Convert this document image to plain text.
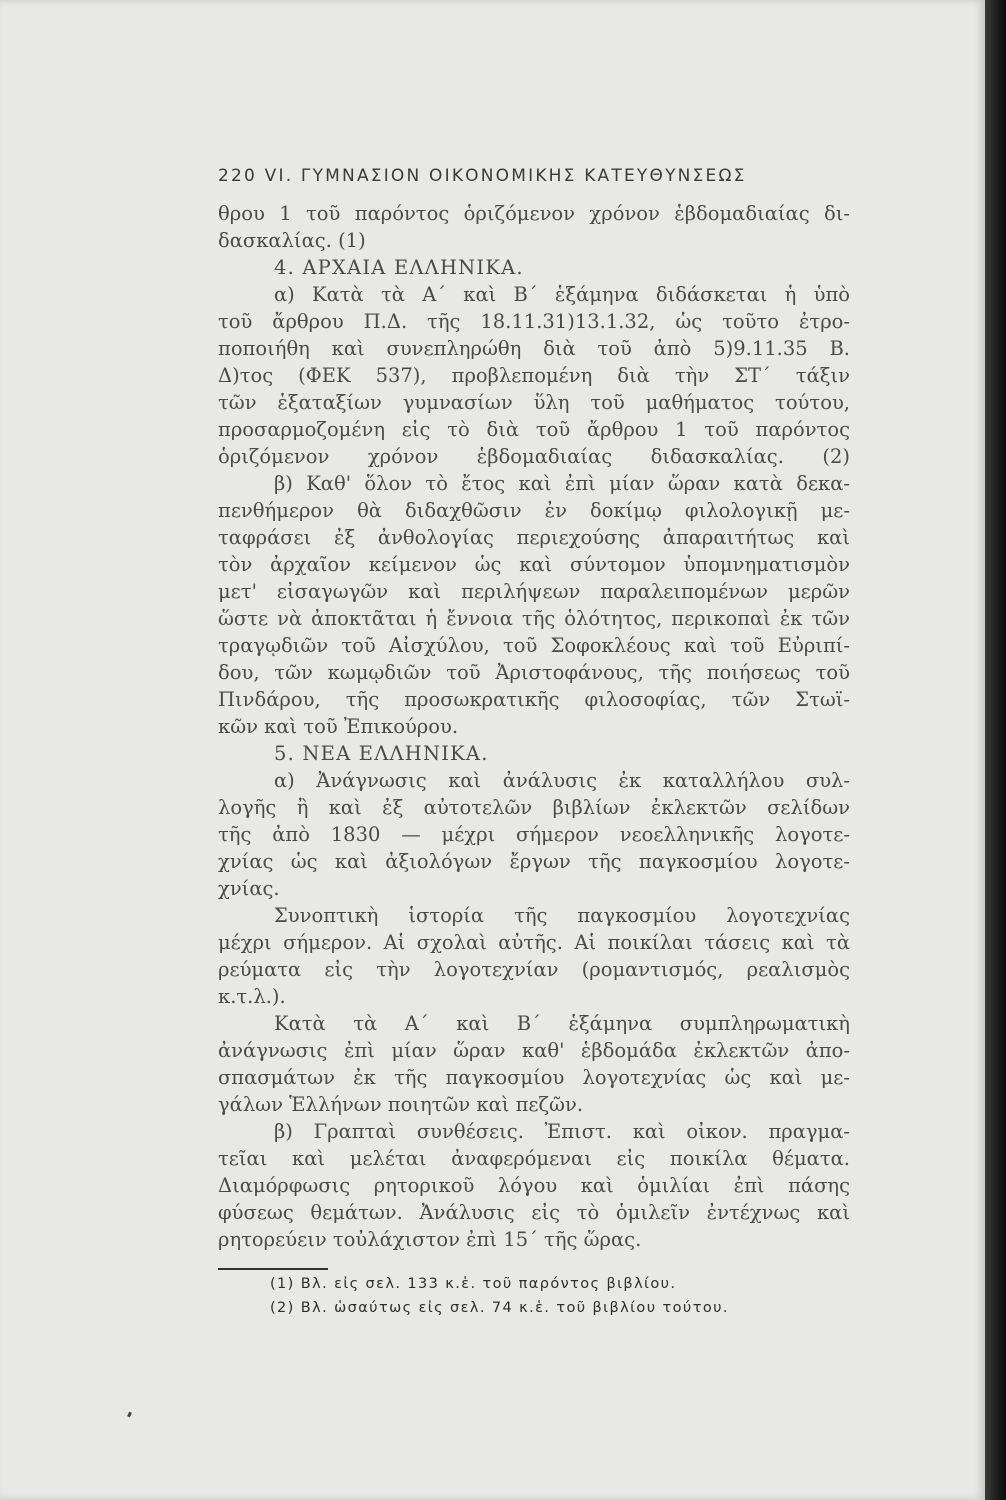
220 VI. ΓΥΜΝΑΣΙΟΝ ΟΙΚΟΝΟΜΙΚΗΣ ΚΑΤΕΥΘΥΝΣΕΩΣ
θρου 1 τοῦ παρόντος ὁριζόμενον χρόνον ἑβδομαδιαίας δι-
δασκαλίας. (1)
4. ΑΡΧΑΙΑ ΕΛΛΗΝΙΚΑ.
α) Κατὰ τὰ Α΄ καὶ Β΄ ἑξάμηνα διδάσκεται ἡ ὑπὸ
τοῦ ἄρθρου Π.Δ. τῆς 18.11.31)13.1.32, ὡς τοῦτο ἐτρο-
ποποιήθη καὶ συνεπληρώθη διὰ τοῦ ἀπὸ 5)9.11.35 Β.
Δ)τος (ΦΕΚ 537), προβλεπομένη διὰ τὴν ΣΤ΄ τάξιν
τῶν ἑξαταξίων γυμνασίων ὕλη τοῦ μαθήματος τούτου,
προσαρμοζομένη εἰς τὸ διὰ τοῦ ἄρθρου 1 τοῦ παρόντος
ὁριζόμενον χρόνον ἑβδομαδιαίας διδασκαλίας. (2)
β) Καθ' ὅλον τὸ ἔτος καὶ ἐπὶ μίαν ὥραν κατὰ δεκα-
πενθήμερον θὰ διδαχθῶσιν ἐν δοκίμῳ φιλολογικῇ με-
ταφράσει ἐξ ἀνθολογίας περιεχούσης ἀπαραιτήτως καὶ
τὸν ἀρχαῖον κείμενον ὡς καὶ σύντομον ὑπομνηματισμὸν
μετ' εἰσαγωγῶν καὶ περιλήψεων παραλειπομένων μερῶν
ὥστε νὰ ἀποκτᾶται ἡ ἔννοια τῆς ὁλότητος, περικοπαὶ ἐκ τῶν
τραγῳδιῶν τοῦ Αἰσχύλου, τοῦ Σοφοκλέους καὶ τοῦ Εὐριπί-
δου, τῶν κωμῳδιῶν τοῦ Ἀριστοφάνους, τῆς ποιήσεως τοῦ
Πινδάρου, τῆς προσωκρατικῆς φιλοσοφίας, τῶν Στωϊ-
κῶν καὶ τοῦ Ἐπικούρου.
5. ΝΕΑ ΕΛΛΗΝΙΚΑ.
α) Ἀνάγνωσις καὶ ἀνάλυσις ἐκ καταλλήλου συλ-
λογῆς ἢ καὶ ἐξ αὐτοτελῶν βιβλίων ἐκλεκτῶν σελίδων
τῆς ἀπὸ 1830 — μέχρι σήμερον νεοελληνικῆς λογοτε-
χνίας ὡς καὶ ἀξιολόγων ἔργων τῆς παγκοσμίου λογοτε-
χνίας.
Συνοπτικὴ ἱστορία τῆς παγκοσμίου λογοτεχνίας
μέχρι σήμερον. Αἱ σχολαὶ αὐτῆς. Αἱ ποικίλαι τάσεις καὶ τὰ
ρεύματα εἰς τὴν λογοτεχνίαν (ρομαντισμός, ρεαλισμὸς
κ.τ.λ.).
Κατὰ τὰ Α΄ καὶ Β΄ ἑξάμηνα συμπληρωματικὴ
ἀνάγνωσις ἐπὶ μίαν ὥραν καθ' ἑβδομάδα ἐκλεκτῶν ἀπο-
σπασμάτων ἐκ τῆς παγκοσμίου λογοτεχνίας ὡς καὶ με-
γάλων Ἑλλήνων ποιητῶν καὶ πεζῶν.
β) Γραπταὶ συνθέσεις. Ἐπιστ. καὶ οἰκον. πραγμα-
τεῖαι καὶ μελέται ἀναφερόμεναι εἰς ποικίλα θέματα.
Διαμόρφωσις ρητορικοῦ λόγου καὶ ὁμιλίαι ἐπὶ πάσης
φύσεως θεμάτων. Ἀνάλυσις εἰς τὸ ὁμιλεῖν ἐντέχνως καὶ
ρητορεύειν τοὐλάχιστον ἐπὶ 15΄ τῆς ὥρας.
(1) Βλ. εἰς σελ. 133 κ.ἑ. τοῦ παρόντος βιβλίου.
(2) Βλ. ὡσαύτως εἰς σελ. 74 κ.ἑ. τοῦ βιβλίου τούτου.
